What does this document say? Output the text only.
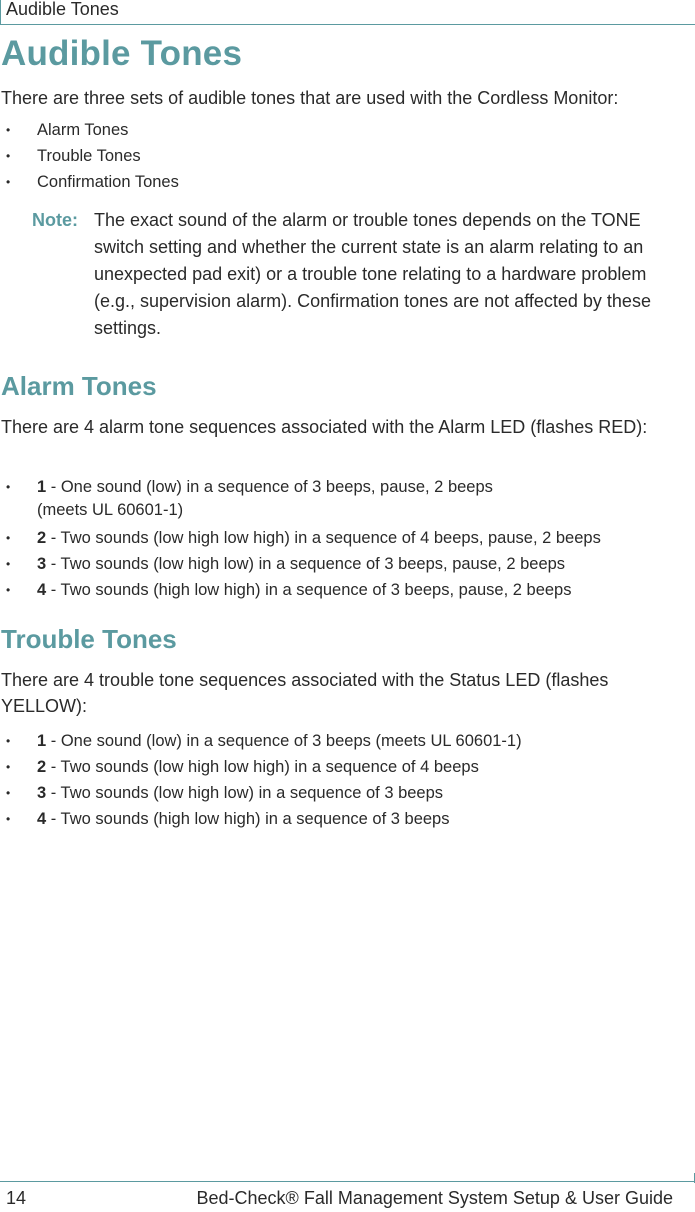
Audible Tones
Audible Tones

There are three sets of audible tones that are used with the Cordless Monitor:

• Alarm Tones
• Trouble Tones
• Confirmation Tones
Note: The exact sound of the alarm or trouble tones depends on the TONE switch setting and whether the current state is an alarm relating to an unexpected pad exit) or a trouble tone relating to a hardware problem (e.g., supervision alarm). Confirmation tones are not affected by these settings.

Alarm Tones

There are 4 alarm tone sequences associated with the Alarm LED (flashes RED):

• 1 - One sound (low) in a sequence of 3 beeps, pause, 2 beeps
(meets UL 60601-1)
• 2 - Two sounds (low high low high) in a sequence of 4 beeps, pause, 2 beeps
• 3 - Two sounds (low high low) in a sequence of 3 beeps, pause, 2 beeps
• 4 - Two sounds (high low high) in a sequence of 3 beeps, pause, 2 beeps
Trouble Tones

There are 4 trouble tone sequences associated with the Status LED (flashes YELLOW):

• 1 - One sound (low) in a sequence of 3 beeps (meets UL 60601-1)
• 2 - Two sounds (low high low high) in a sequence of 4 beeps
• 3 - Two sounds (low high low) in a sequence of 3 beeps
• 4 - Two sounds (high low high) in a sequence of 3 beeps
14	Bed-Check® Fall Management System Setup & User Guide
